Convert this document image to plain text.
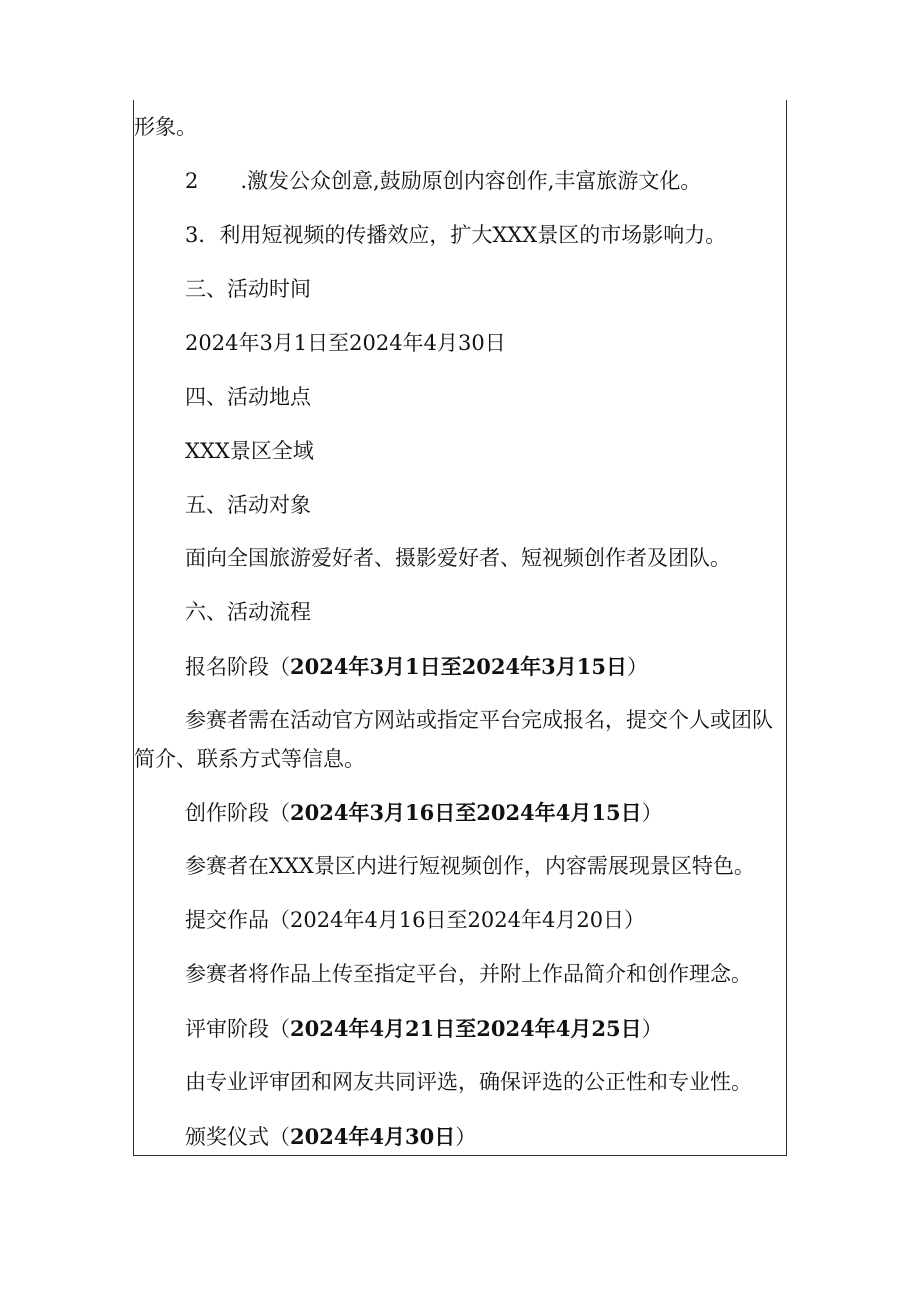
形象。
2  .激发公众创意,鼓励原创内容创作,丰富旅游文化。
3．利用短视频的传播效应，扩大XXX景区的市场影响力。
三、活动时间
2024年3月1日至2024年4月30日
四、活动地点
XXX景区全域
五、活动对象
面向全国旅游爱好者、摄影爱好者、短视频创作者及团队。
六、活动流程
报名阶段（2024年3月1日至2024年3月15日）
参赛者需在活动官方网站或指定平台完成报名，提交个人或团队
简介、联系方式等信息。
创作阶段（2024年3月16日至2024年4月15日）
参赛者在XXX景区内进行短视频创作，内容需展现景区特色。
提交作品（2024年4月16日至2024年4月20日）
参赛者将作品上传至指定平台，并附上作品简介和创作理念。
评审阶段（2024年4月21日至2024年4月25日）
由专业评审团和网友共同评选，确保评选的公正性和专业性。
颁奖仪式（2024年4月30日）
